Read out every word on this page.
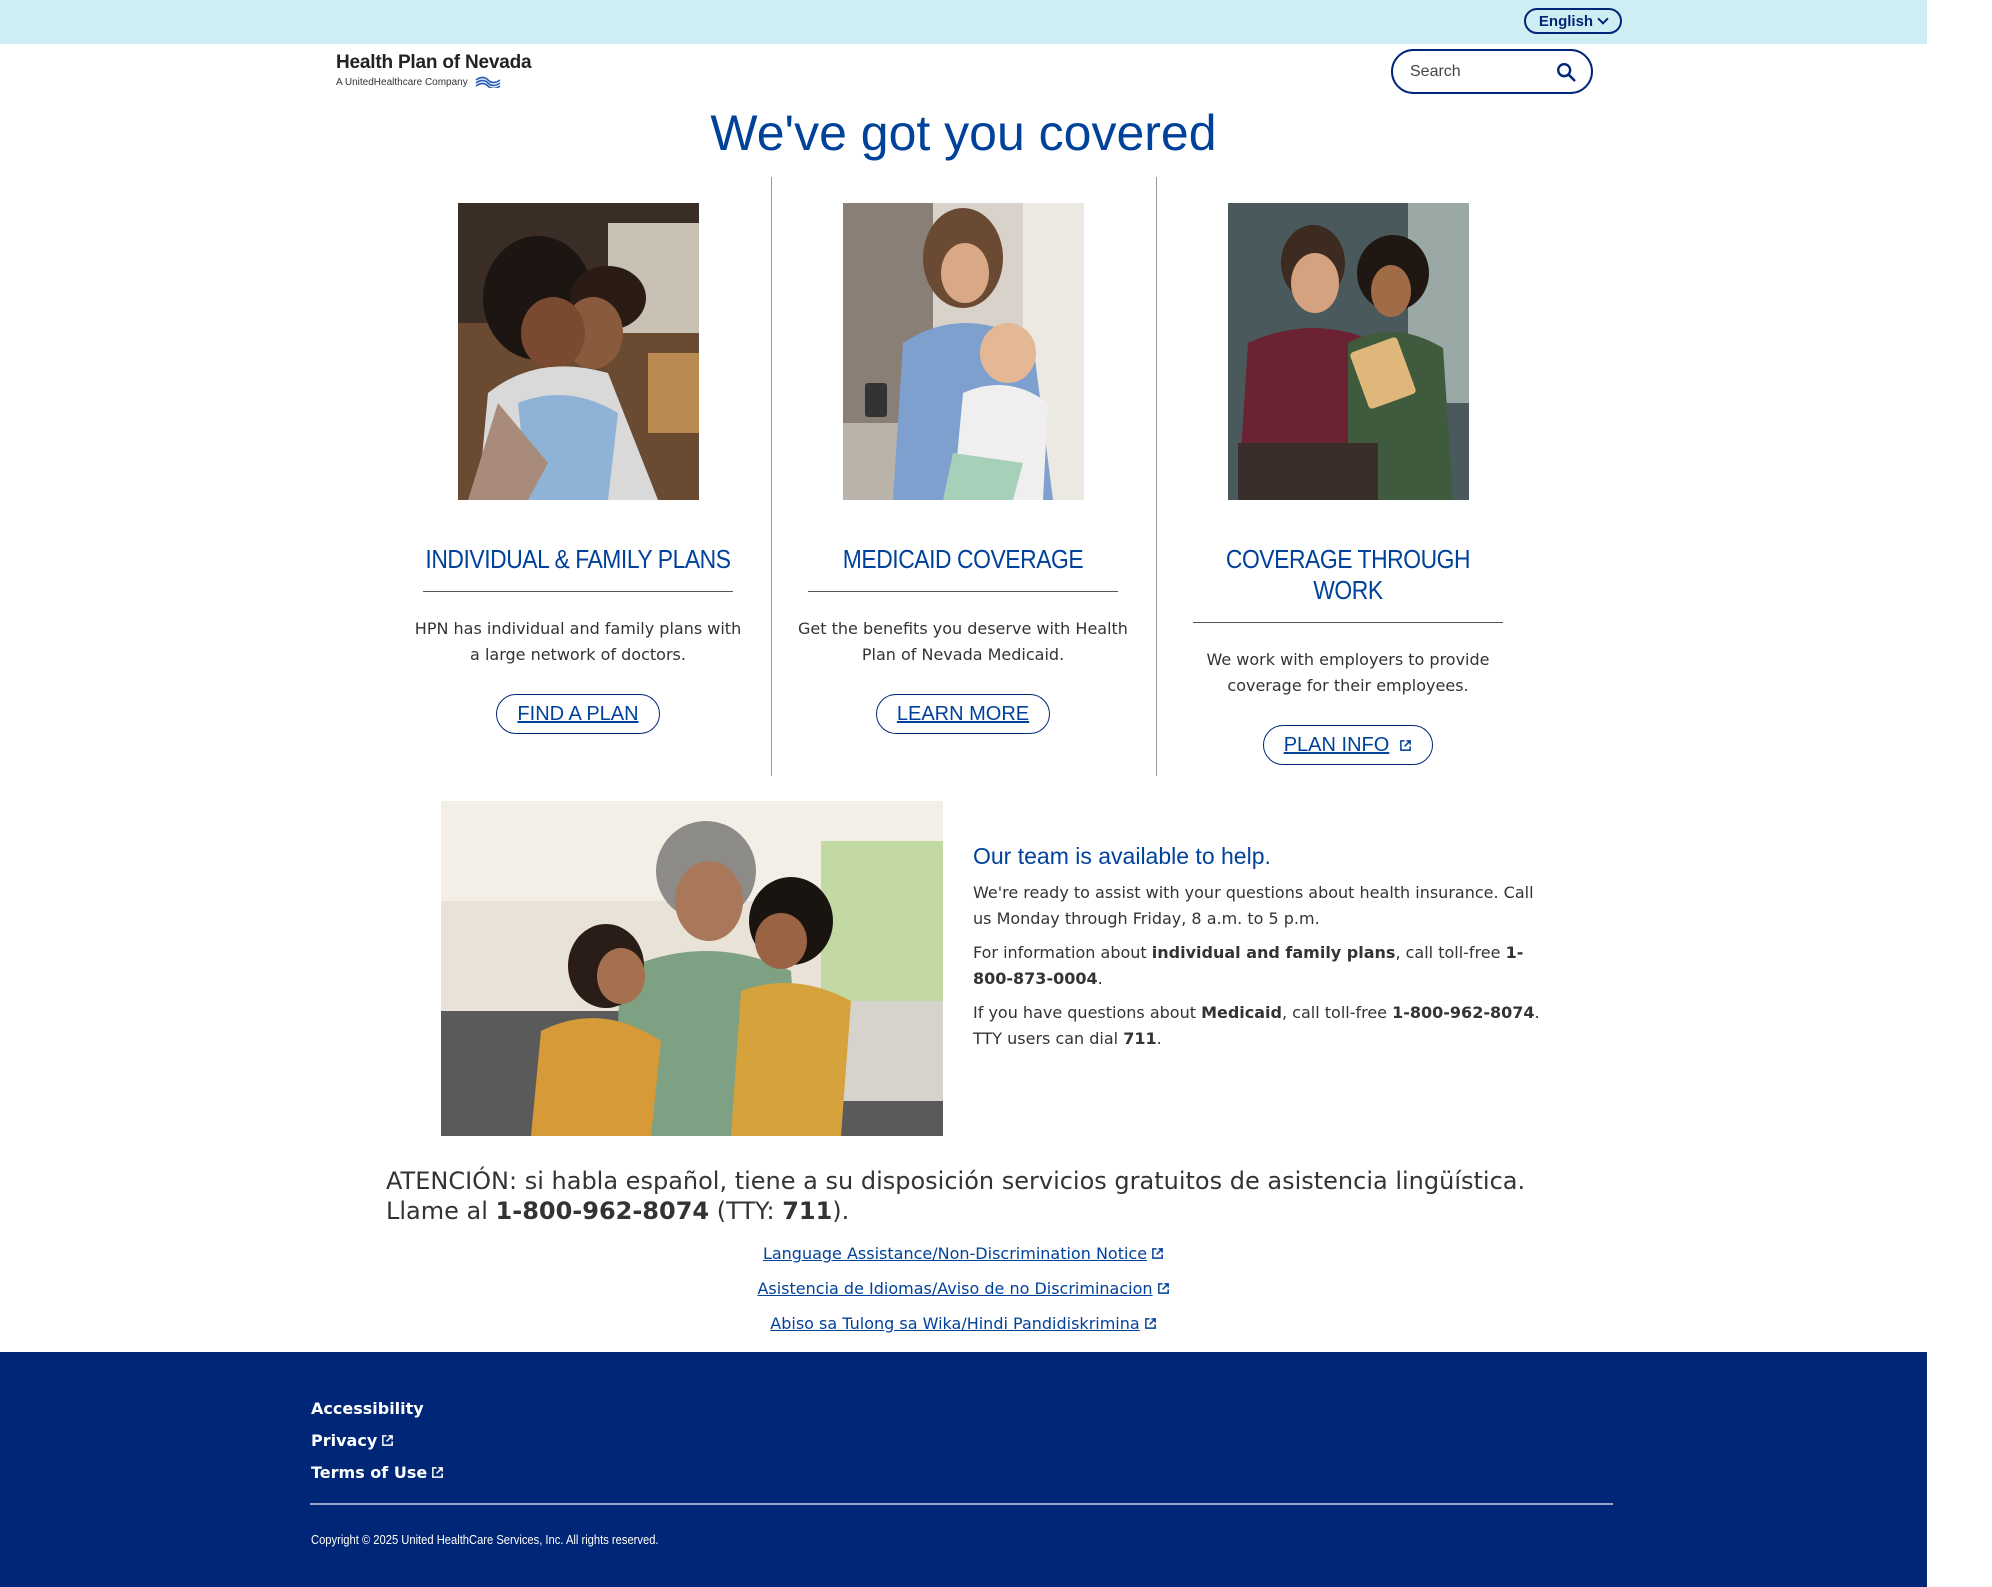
English
Health Plan of Nevada
A UnitedHealthcare Company
Search
We've got you covered
INDIVIDUAL & FAMILY PLANS

HPN has individual and family plans with a large network of doctors.

FIND A PLAN
MEDICAID COVERAGE

Get the benefits you deserve with Health Plan of Nevada Medicaid.

LEARN MORE
COVERAGE THROUGH WORK

We work with employers to provide coverage for their employees.

PLAN INFO
Our team is available to help.

We're ready to assist with your questions about health insurance. Call us Monday through Friday, 8 a.m. to 5 p.m.

For information about individual and family plans, call toll-free 1-800-873-0004.

If you have questions about Medicaid, call toll-free 1-800-962-8074. TTY users can dial 711.

ATENCIÓN: si habla español, tiene a su disposición servicios gratuitos de asistencia lingüística. Llame al 1-800-962-8074 (TTY: 711).
Language Assistance/Non-Discrimination Notice
Asistencia de Idiomas/Aviso de no Discriminacion
Abiso sa Tulong sa Wika/Hindi Pandidiskrimina
Accessibility
Privacy
Terms of Use
Copyright © 2025 United HealthCare Services, Inc. All rights reserved.
